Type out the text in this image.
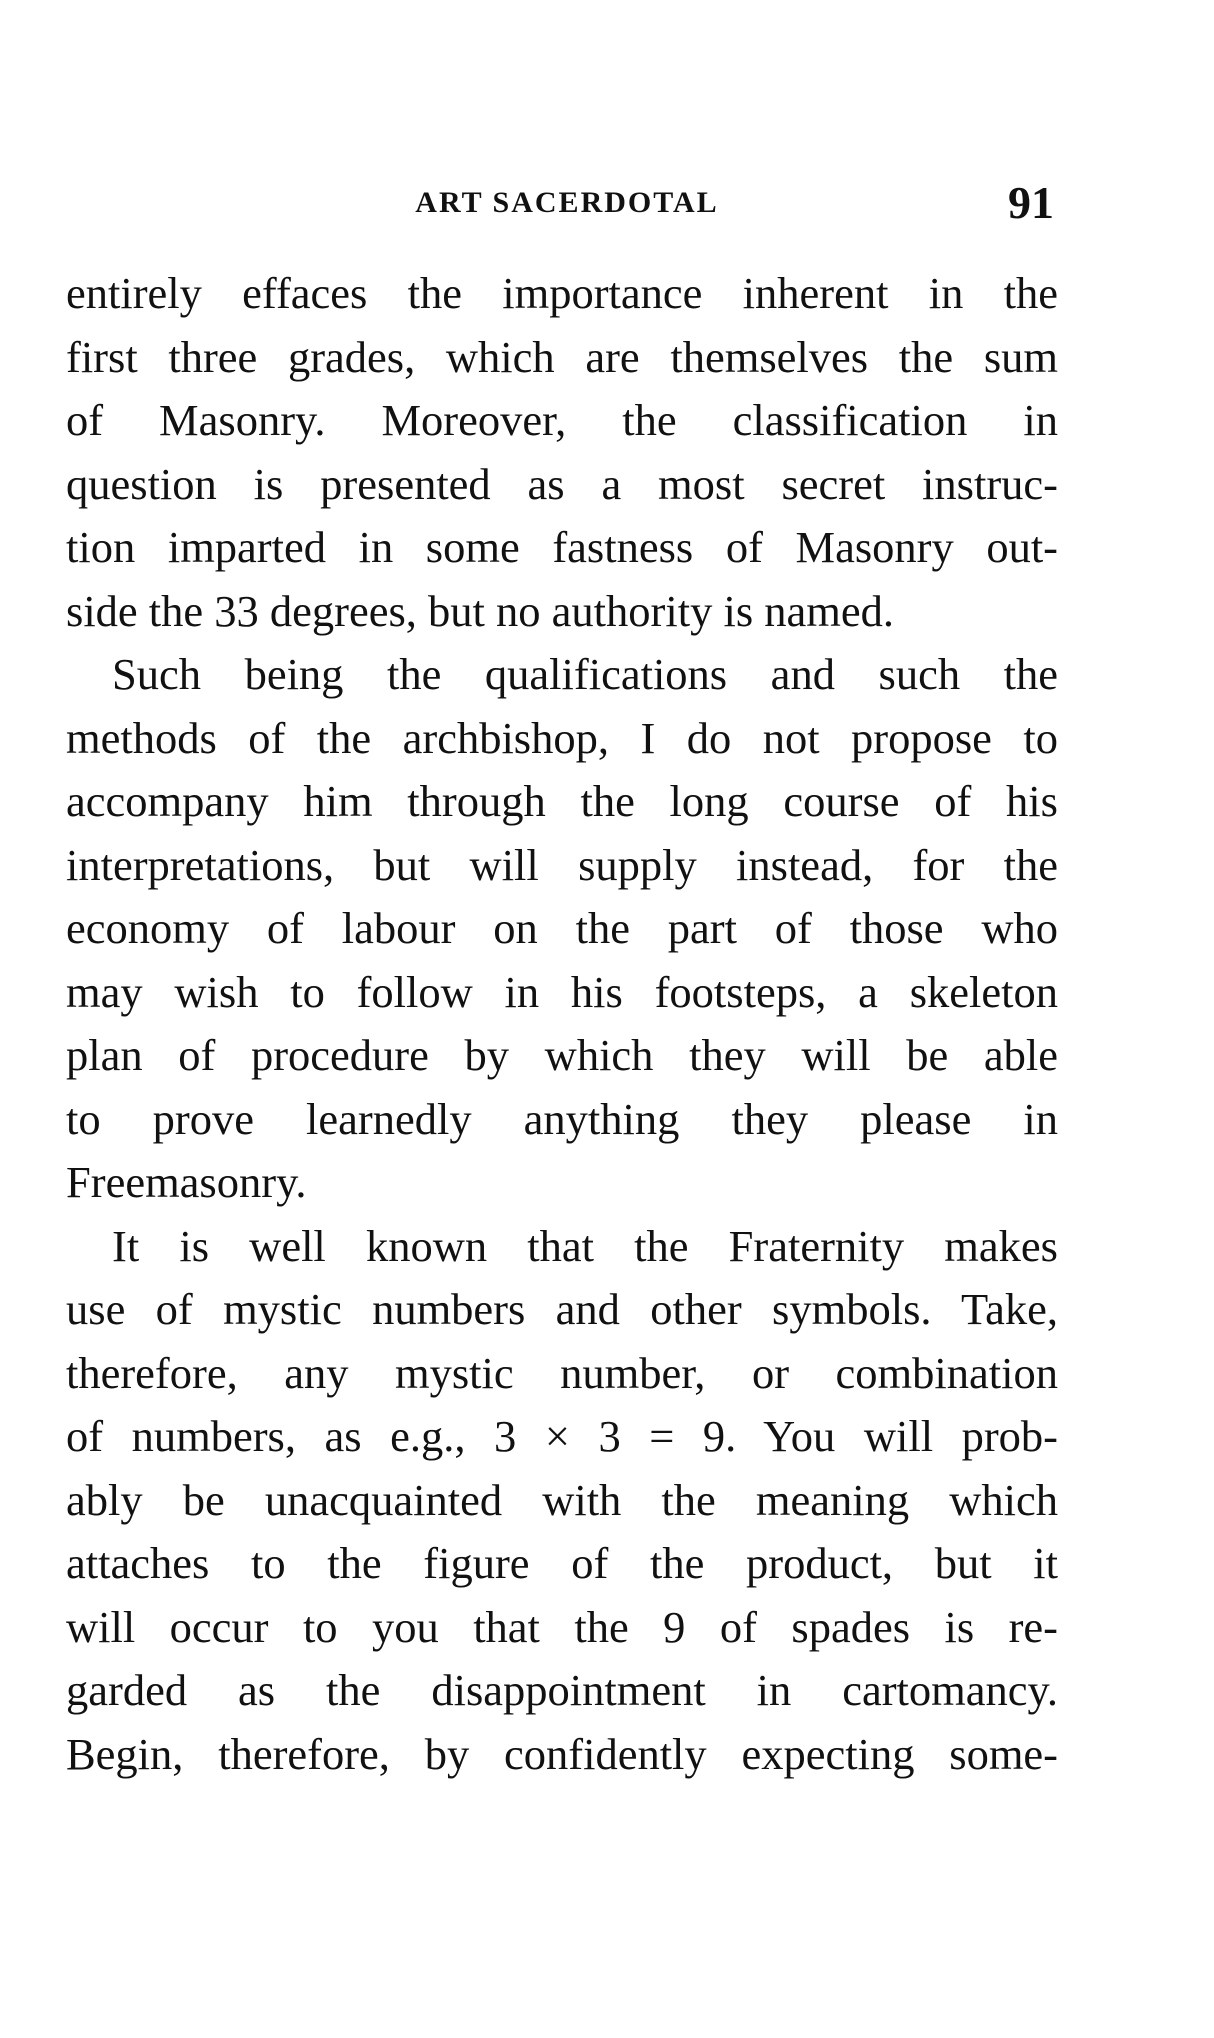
ART SACERDOTAL	91
entirely effaces the importance inherent in the
first three grades, which are themselves the sum
of Masonry. Moreover, the classification in
question is presented as a most secret instruc-
tion imparted in some fastness of Masonry out-
side the 33 degrees, but no authority is named.
Such being the qualifications and such the
methods of the archbishop, I do not propose to
accompany him through the long course of his
interpretations, but will supply instead, for the
economy of labour on the part of those who
may wish to follow in his footsteps, a skeleton
plan of procedure by which they will be able
to prove learnedly anything they please in
Freemasonry.
It is well known that the Fraternity makes
use of mystic numbers and other symbols. Take,
therefore, any mystic number, or combination
of numbers, as e.g., 3 × 3 = 9. You will prob-
ably be unacquainted with the meaning which
attaches to the figure of the product, but it
will occur to you that the 9 of spades is re-
garded as the disappointment in cartomancy.
Begin, therefore, by confidently expecting some-
